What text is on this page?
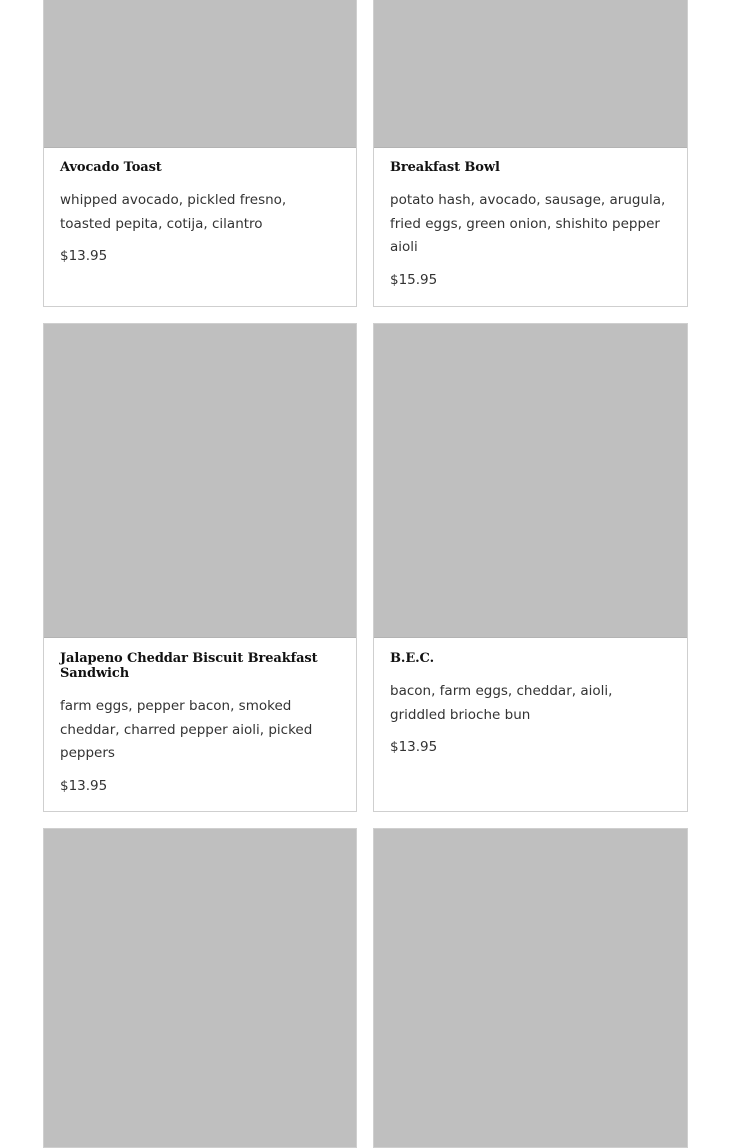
Avocado Toast

whipped avocado, pickled fresno, toasted pepita, cotija, cilantro

$13.95

Breakfast Bowl

potato hash, avocado, sausage, arugula, fried eggs, green onion, shishito pepper aioli

$15.95

Jalapeno Cheddar Biscuit Breakfast Sandwich

farm eggs, pepper bacon, smoked cheddar, charred pepper aioli, picked peppers

$13.95

B.E.C.

bacon, farm eggs, cheddar, aioli, griddled brioche bun

$13.95
